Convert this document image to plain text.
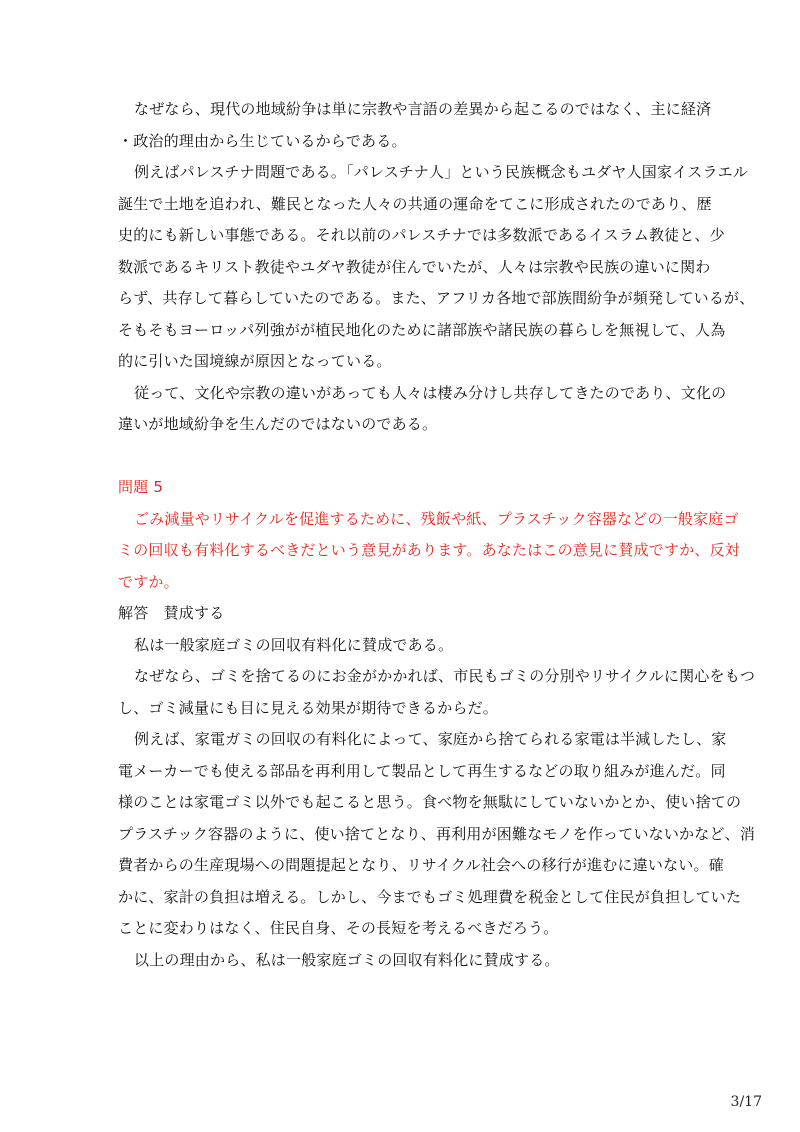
なぜなら、現代の地域紛争は単に宗教や言語の差異から起こるのではなく、主に経済
・政治的理由から生じているからである。
例えばパレスチナ問題である。「パレスチナ人」という民族概念もユダヤ人国家イスラエル
誕生で土地を追われ、難民となった人々の共通の運命をてこに形成されたのであり、歴
史的にも新しい事態である。それ以前のパレスチナでは多数派であるイスラム教徒と、少
数派であるキリスト教徒やユダヤ教徒が住んでいたが、人々は宗教や民族の違いに関わ
らず、共存して暮らしていたのである。また、アフリカ各地で部族間紛争が頻発しているが、
そもそもヨーロッパ列強がが植民地化のために諸部族や諸民族の暮らしを無視して、人為
的に引いた国境線が原因となっている。
従って、文化や宗教の違いがあっても人々は棲み分けし共存してきたのであり、文化の
違いが地域紛争を生んだのではないのである。
問題 5
ごみ減量やリサイクルを促進するために、残飯や紙、プラスチック容器などの一般家庭ゴ
ミの回収も有料化するべきだという意見があります。あなたはこの意見に賛成ですか、反対
ですか。
解答　賛成する
私は一般家庭ゴミの回収有料化に賛成である。
なぜなら、ゴミを捨てるのにお金がかかれば、市民もゴミの分別やリサイクルに関心をもつ
し、ゴミ減量にも目に見える効果が期待できるからだ。
例えば、家電ガミの回収の有料化によって、家庭から捨てられる家電は半減したし、家
電メーカーでも使える部品を再利用して製品として再生するなどの取り組みが進んだ。同
様のことは家電ゴミ以外でも起こると思う。食べ物を無駄にしていないかとか、使い捨ての
プラスチック容器のように、使い捨てとなり、再利用が困難なモノを作っていないかなど、消
費者からの生産現場への問題提起となり、リサイクル社会への移行が進むに違いない。確
かに、家計の負担は増える。しかし、今までもゴミ処理費を税金として住民が負担していた
ことに変わりはなく、住民自身、その長短を考えるべきだろう。
以上の理由から、私は一般家庭ゴミの回収有料化に賛成する。
3/17
